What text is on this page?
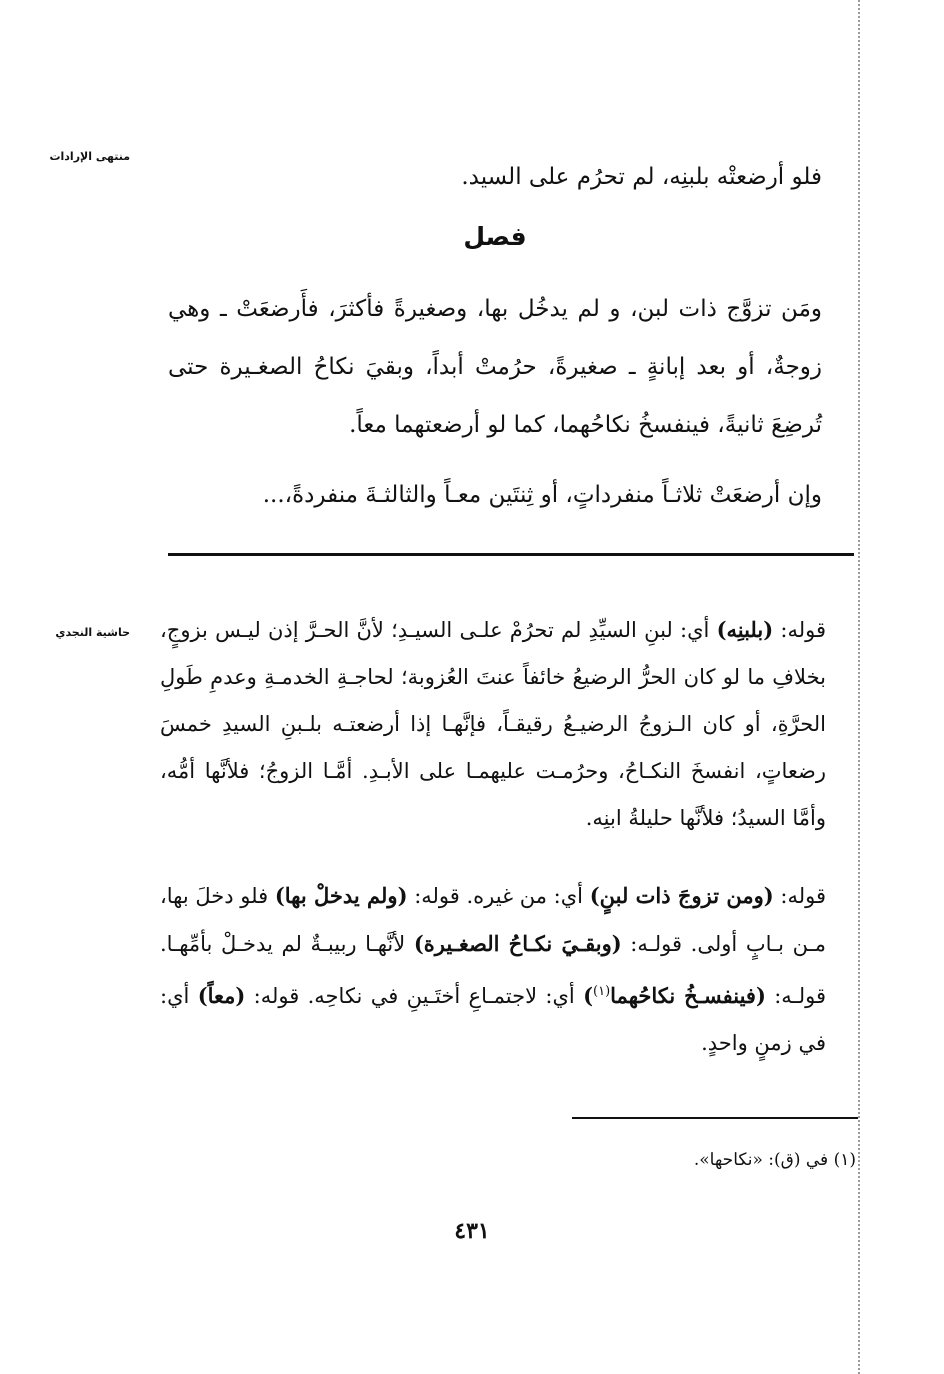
منتهى الإرادات
حاشية النجدي

فلو أرضعتْه بلبنِه، لم تحرُم على السيد.

فصل

ومَن تزوَّج ذات لبن، و لم يدخُل بها، وصغيرةً فأكثرَ، فأَرضعَتْ ـ وهي زوجةٌ، أو بعد إبانةٍ ـ صغيرةً، حرُمتْ أبداً، وبقيَ نكاحُ الصغـيرة حتى تُرضِعَ ثانيةً، فينفسخُ نكاحُهما، كما لو أرضعتهما معاً.

وإن أرضعَتْ ثلاثـاً منفرداتٍ، أو ثِنتَين معـاً والثالثـةَ منفردةً،...

قوله: (بلبنِه) أي: لبنِ السيِّدِ لم تحرُمْ علـى السيـدِ؛ لأنَّ الحـرَّ إذن ليـس بزوجٍ، بخلافِ ما لو كان الحرُّ الرضيعُ خائفاً عنتَ العُزوبة؛ لحاجـةِ الخدمـةِ وعدمِ طَولِ الحرَّةِ، أو كان الـزوجُ الرضيـعُ رقيقـاً، فإنَّهـا إذا أرضعتـه بلـبنِ السيدِ خمسَ رضعاتٍ، انفسخَ النكـاحُ، وحرُمـت عليهمـا على الأبـدِ. أمَّـا الزوجُ؛ فلأنَّها أمُّه، وأمَّا السيدُ؛ فلأنَّها حليلةُ ابنِه.

قوله: (ومن تزوجَ ذات لبنٍ) أي: من غيره. قوله: (ولم يدخلْ بها) فلو دخلَ بها، مـن بـابٍ أولى. قولـه: (وبقـيَ نكـاحُ الصغـيرة) لأنَّهـا ربيبـةٌ لم يدخـلْ بأمِّهـا. قولـه: (فينفسـخُ نكاحُهما$^{(١)}$) أي: لاجتمـاعِ أختَـينِ في نكاحِه. قوله: (معاً) أي: في زمنٍ واحدٍ.

(١) في (ق): «نكاحها».
٤٣١
